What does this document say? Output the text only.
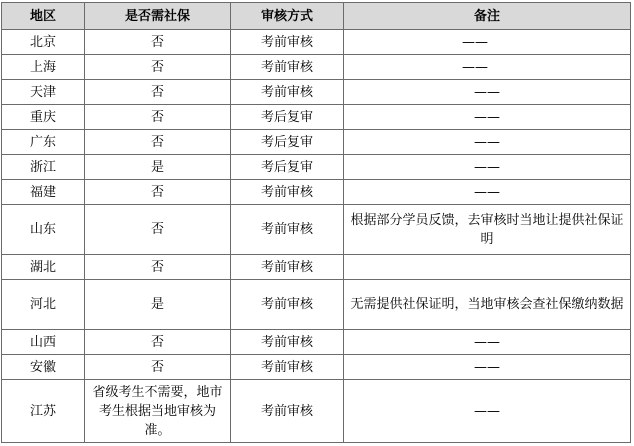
地区	是否需社保	审核方式	备注
北京	否	考前审核	——
上海	否	考前审核	——
天津	否	考前审核	——
重庆	否	考后复审	——
广东	否	考后复审	——
浙江	是	考后复审	——
福建	否	考前审核	——
山东	否	考前审核	根据部分学员反馈，去审核时当地让提供社保证明
湖北	否	考前审核	
河北	是	考前审核	无需提供社保证明，当地审核会查社保缴纳数据
山西	否	考前审核	——
安徽	否	考前审核	——
江苏	省级考生不需要，地市考生根据当地审核为准。	考前审核	——
